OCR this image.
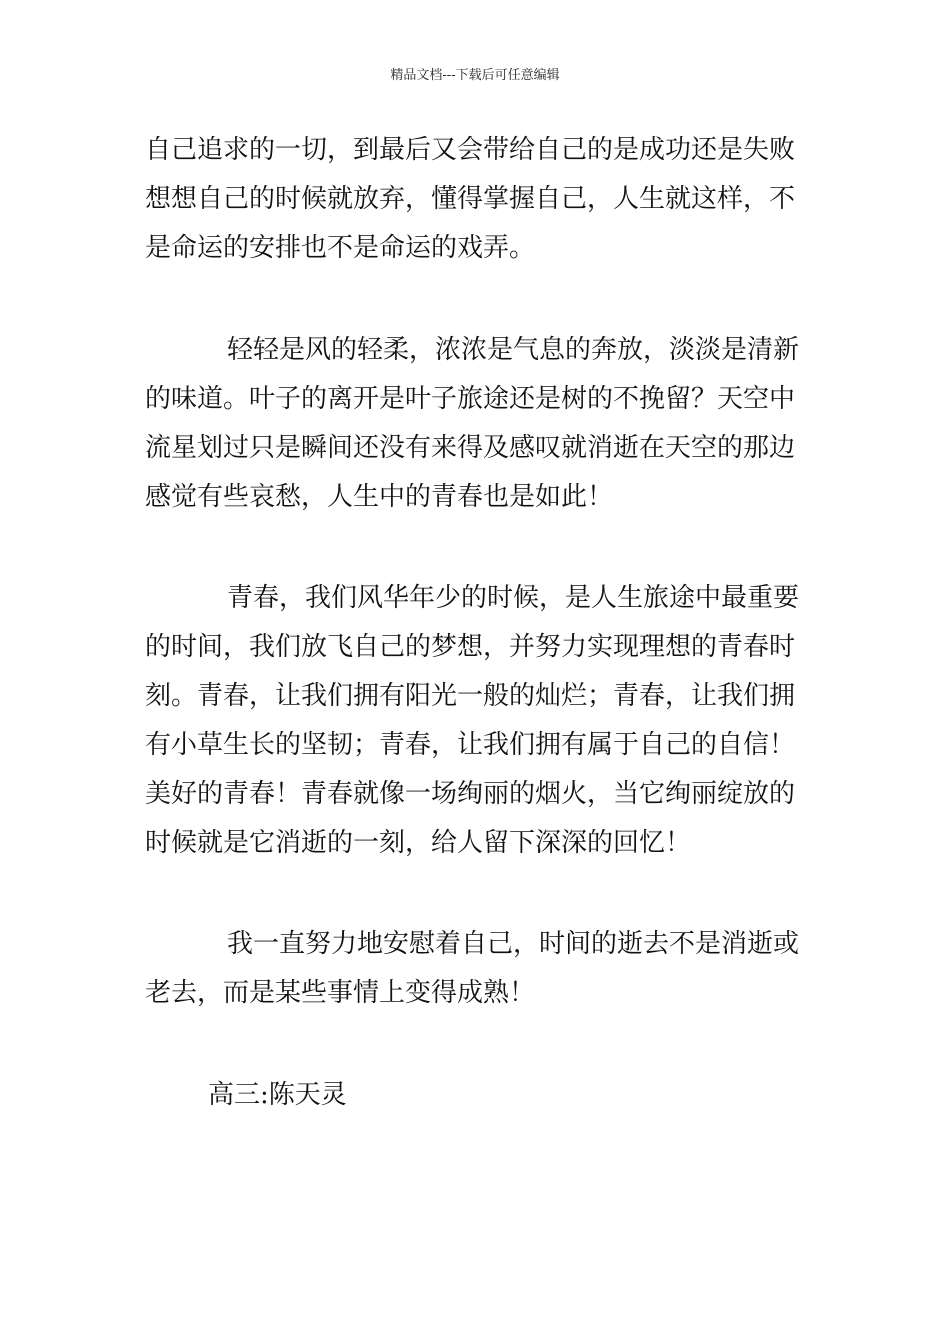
精品文档---下载后可任意编辑
自己追求的一切，到最后又会带给自己的是成功还是失败
想想自己的时候就放弃，懂得掌握自己，人生就这样，不
是命运的安排也不是命运的戏弄。
轻轻是风的轻柔，浓浓是气息的奔放，淡淡是清新
的味道。叶子的离开是叶子旅途还是树的不挽留？天空中
流星划过只是瞬间还没有来得及感叹就消逝在天空的那边
感觉有些哀愁，人生中的青春也是如此！
青春，我们风华年少的时候，是人生旅途中最重要
的时间，我们放飞自己的梦想，并努力实现理想的青春时
刻。青春，让我们拥有阳光一般的灿烂；青春，让我们拥
有小草生长的坚韧；青春，让我们拥有属于自己的自信！
美好的青春！青春就像一场绚丽的烟火，当它绚丽绽放的
时候就是它消逝的一刻，给人留下深深的回忆！
我一直努力地安慰着自己，时间的逝去不是消逝或
老去，而是某些事情上变得成熟！
高三:陈天灵
